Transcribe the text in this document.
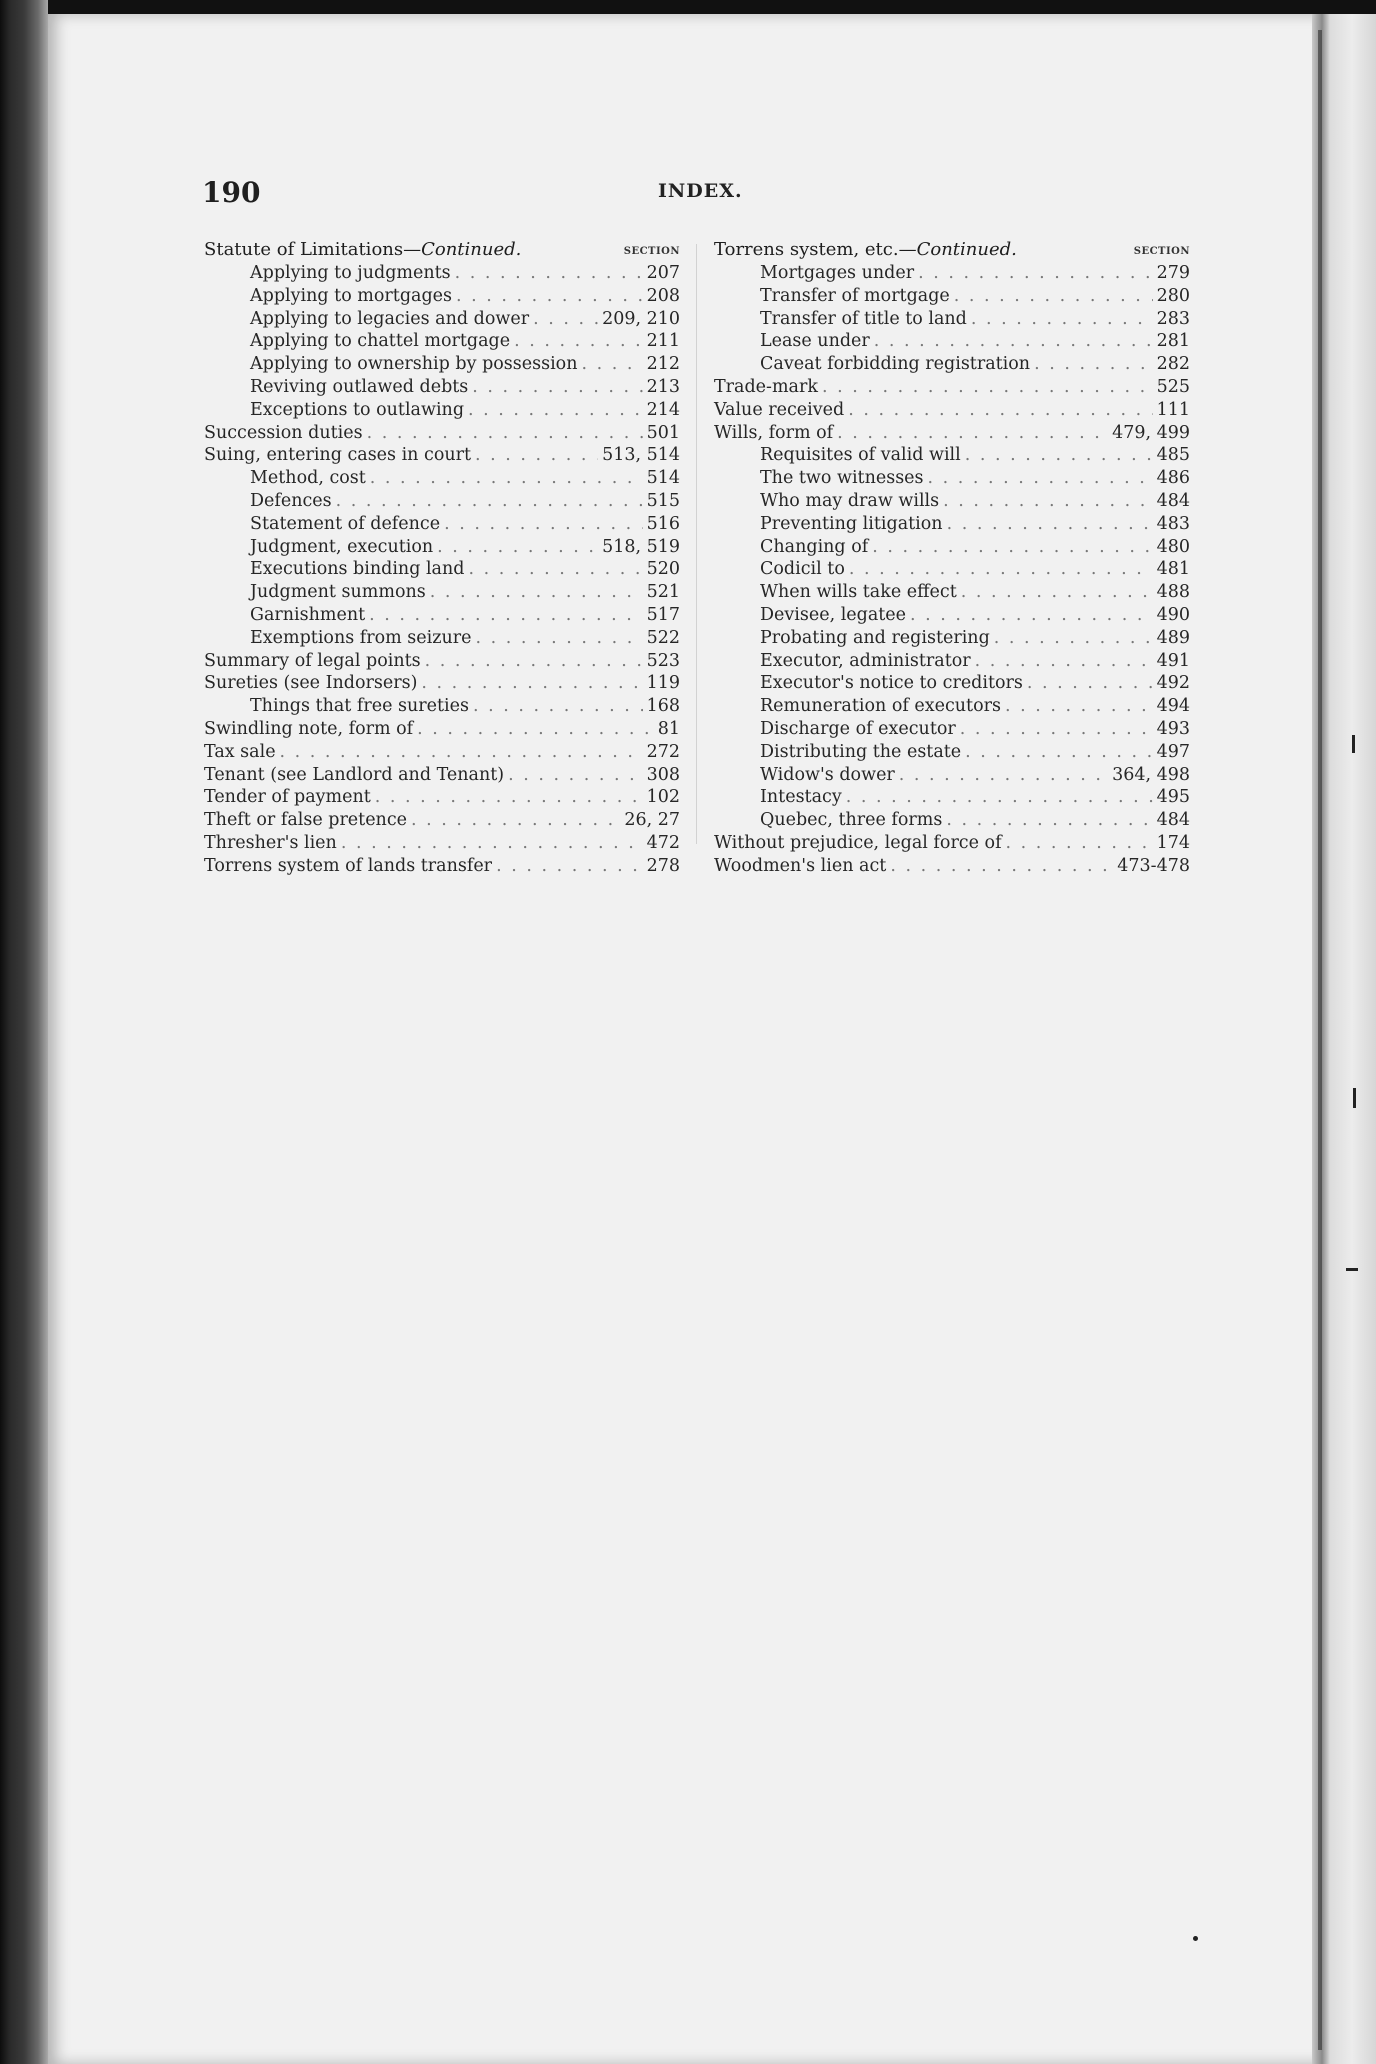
190	INDEX.
Statute of Limitations—Continued.	SECTION
Applying to judgments . . .	207
Applying to mortgages . . .	208
Applying to legacies and dower . . .	209, 210
Applying to chattel mortgage . . .	211
Applying to ownership by possession . . .	212
Reviving outlawed debts . . .	213
Exceptions to outlawing . . .	214
Succession duties . . .	501
Suing, entering cases in court . . .	513, 514
Method, cost . . .	514
Defences . . .	515
Statement of defence . . .	516
Judgment, execution . . .	518, 519
Executions binding land . . .	520
Judgment summons . . .	521
Garnishment . . .	517
Exemptions from seizure . . .	522
Summary of legal points . . .	523
Sureties (see Indorsers) . . .	119
Things that free sureties . . .	168
Swindling note, form of . . .	81
Tax sale . . .	272
Tenant (see Landlord and Tenant) . . .	308
Tender of payment . . .	102
Theft or false pretence . . .	26, 27
Thresher's lien . . .	472
Torrens system of lands transfer . . .	278
Torrens system, etc.—Continued.	SECTION
Mortgages under . . .	279
Transfer of mortgage . . .	280
Transfer of title to land . . .	283
Lease under . . .	281
Caveat forbidding registration . . .	282
Trade-mark . . .	525
Value received . . .	111
Wills, form of . . .	479, 499
Requisites of valid will . . .	485
The two witnesses . . .	486
Who may draw wills . . .	484
Preventing litigation . . .	483
Changing of . . .	480
Codicil to . . .	481
When wills take effect . . .	488
Devisee, legatee . . .	490
Probating and registering . . .	489
Executor, administrator . . .	491
Executor's notice to creditors . . .	492
Remuneration of executors . . .	494
Discharge of executor . . .	493
Distributing the estate . . .	497
Widow's dower . . .	364, 498
Intestacy . . .	495
Quebec, three forms . . .	484
Without prejudice, legal force of . . .	174
Woodmen's lien act . . .	473-478
